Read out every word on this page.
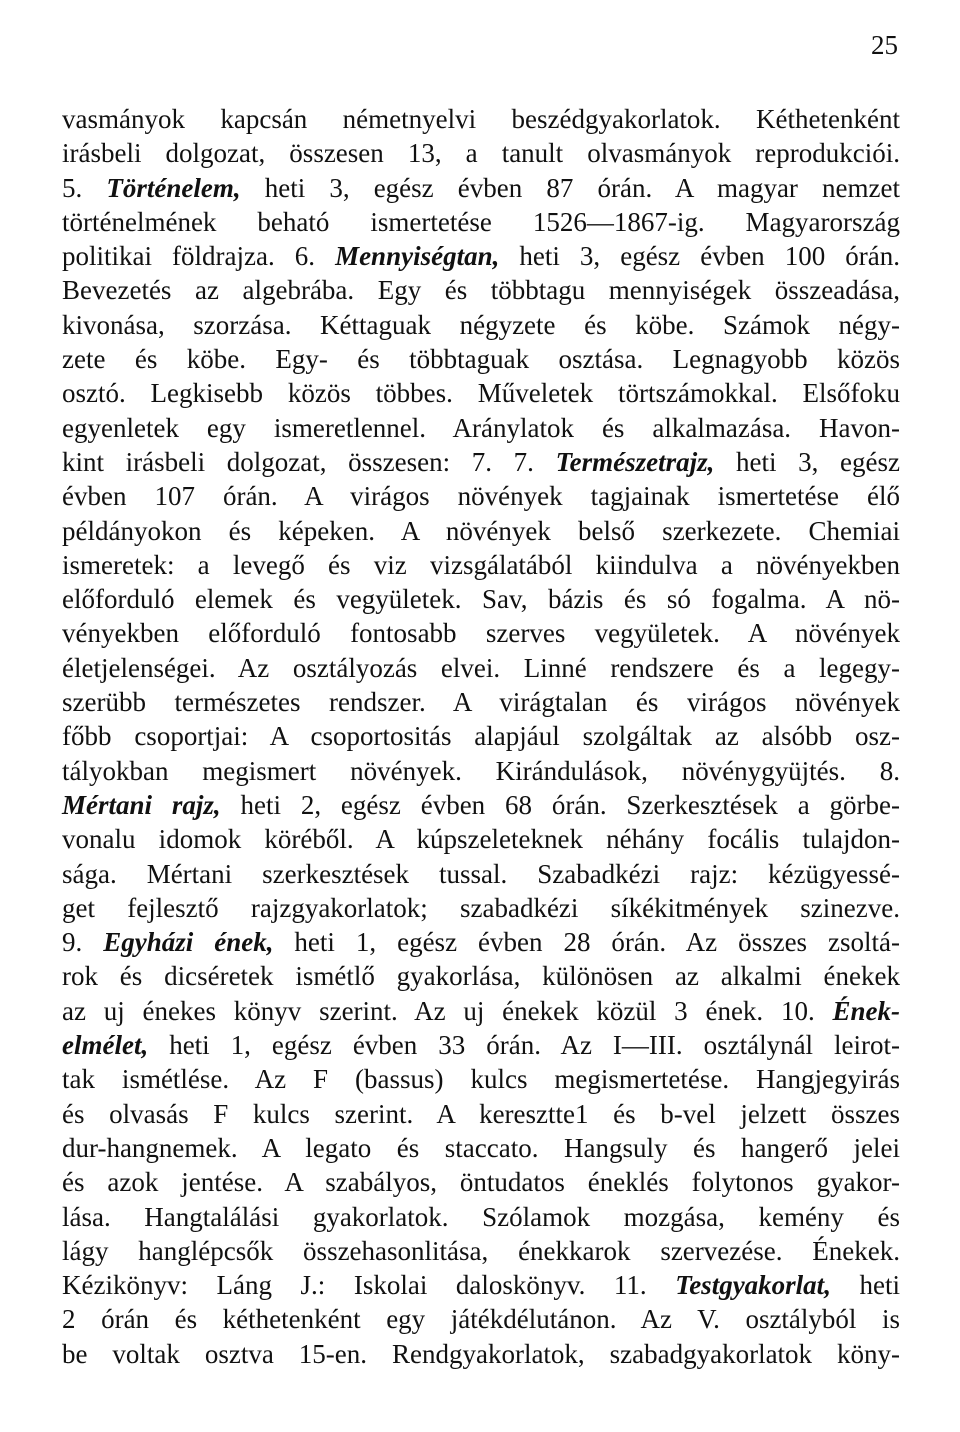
25
vasmányok kapcsán németnyelvi beszédgyakorlatok. Kéthetenként
irásbeli dolgozat, összesen 13, a tanult olvasmányok reprodukciói.
5. Történelem, heti 3, egész évben 87 órán. A magyar nemzet
történelmének beható ismertetése 1526—1867-ig. Magyarország
politikai földrajza. 6. Mennyiségtan, heti 3, egész évben 100 órán.
Bevezetés az algebrába. Egy és többtagu mennyiségek összeadása,
kivonása, szorzása. Kéttaguak négyzete és köbe. Számok négy-
zete és köbe. Egy- és többtaguak osztása. Legnagyobb közös
osztó. Legkisebb közös többes. Műveletek törtszámokkal. Elsőfoku
egyenletek egy ismeretlennel. Aránylatok és alkalmazása. Havon-
kint irásbeli dolgozat, összesen: 7. 7. Természetrajz, heti 3, egész
évben 107 órán. A virágos növények tagjainak ismertetése élő
példányokon és képeken. A növények belső szerkezete. Chemiai
ismeretek: a levegő és viz vizsgálatából kiindulva a növényekben
előforduló elemek és vegyületek. Sav, bázis és só fogalma. A nö-
vényekben előforduló fontosabb szerves vegyületek. A növények
életjelenségei. Az osztályozás elvei. Linné rendszere és a legegy-
szerübb természetes rendszer. A virágtalan és virágos növények
főbb csoportjai: A csoportositás alapjául szolgáltak az alsóbb osz-
tályokban megismert növények. Kirándulások, növénygyüjtés. 8.
Mértani rajz, heti 2, egész évben 68 órán. Szerkesztések a görbe-
vonalu idomok köréből. A kúpszeleteknek néhány focális tulajdon-
sága. Mértani szerkesztések tussal. Szabadkézi rajz: kézügyessé-
get fejlesztő rajzgyakorlatok; szabadkézi síkékitmények szinezve.
9. Egyházi ének, heti 1, egész évben 28 órán. Az összes zsoltá-
rok és dicséretek ismétlő gyakorlása, különösen az alkalmi énekek
az uj énekes könyv szerint. Az uj énekek közül 3 ének. 10. Ének-
elmélet, heti 1, egész évben 33 órán. Az I—III. osztálynál leirot-
tak ismétlése. Az F (bassus) kulcs megismertetése. Hangjegyirás
és olvasás F kulcs szerint. A keresztte1 és b-vel jelzett összes
dur-hangnemek. A legato és staccato. Hangsuly és hangerő jelei
és azok jentése. A szabályos, öntudatos éneklés folytonos gyakor-
lása. Hangtalálási gyakorlatok. Szólamok mozgása, kemény és
lágy hanglépcsők összehasonlitása, énekkarok szervezése. Énekek.
Kézikönyv: Láng J.: Iskolai daloskönyv. 11. Testgyakorlat, heti
2 órán és kéthetenként egy játékdélutánon. Az V. osztályból is
be voltak osztva 15-en. Rendgyakorlatok, szabadgyakorlatok köny-
